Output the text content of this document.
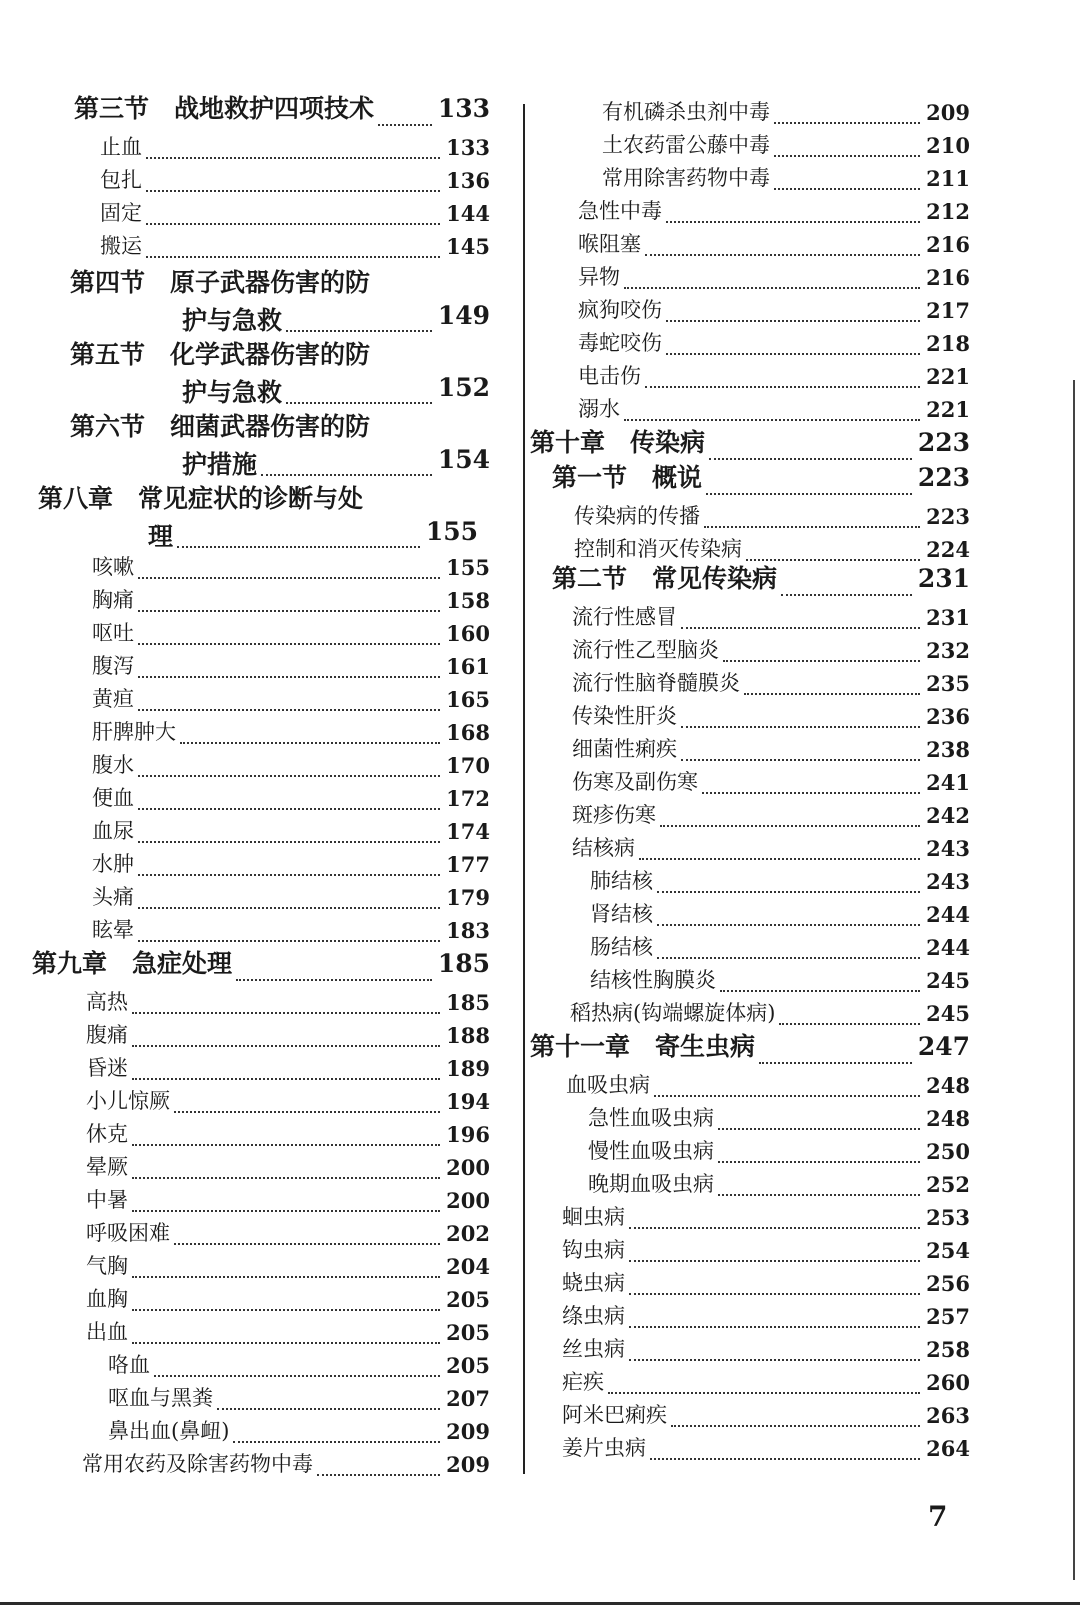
第三节　战地救护四项技术	133
止血	133
包扎	136
固定	144
搬运	145
第四节　原子武器伤害的防
护与急救	149
第五节　化学武器伤害的防
护与急救	152
第六节　细菌武器伤害的防
护措施	154
第八章　常见症状的诊断与处
理	155
咳嗽	155
胸痛	158
呕吐	160
腹泻	161
黄疸	165
肝脾肿大	168
腹水	170
便血	172
血尿	174
水肿	177
头痛	179
眩晕	183
第九章　急症处理	185
高热	185
腹痛	188
昏迷	189
小儿惊厥	194
休克	196
晕厥	200
中暑	200
呼吸困难	202
气胸	204
血胸	205
出血	205
咯血	205
呕血与黑粪	207
鼻出血(鼻衄)	209
常用农药及除害药物中毒	209
有机磷杀虫剂中毒	209
土农药雷公藤中毒	210
常用除害药物中毒	211
急性中毒	212
喉阻塞	216
异物	216
疯狗咬伤	217
毒蛇咬伤	218
电击伤	221
溺水	221
第十章　传染病	223
第一节　概说	223
传染病的传播	223
控制和消灭传染病	224
第二节　常见传染病	231
流行性感冒	231
流行性乙型脑炎	232
流行性脑脊髓膜炎	235
传染性肝炎	236
细菌性痢疾	238
伤寒及副伤寒	241
斑疹伤寒	242
结核病	243
肺结核	243
肾结核	244
肠结核	244
结核性胸膜炎	245
稻热病(钩端螺旋体病)	245
第十一章　寄生虫病	247
血吸虫病	248
急性血吸虫病	248
慢性血吸虫病	250
晚期血吸虫病	252
蛔虫病	253
钩虫病	254
蛲虫病	256
绦虫病	257
丝虫病	258
疟疾	260
阿米巴痢疾	263
姜片虫病	264
7
